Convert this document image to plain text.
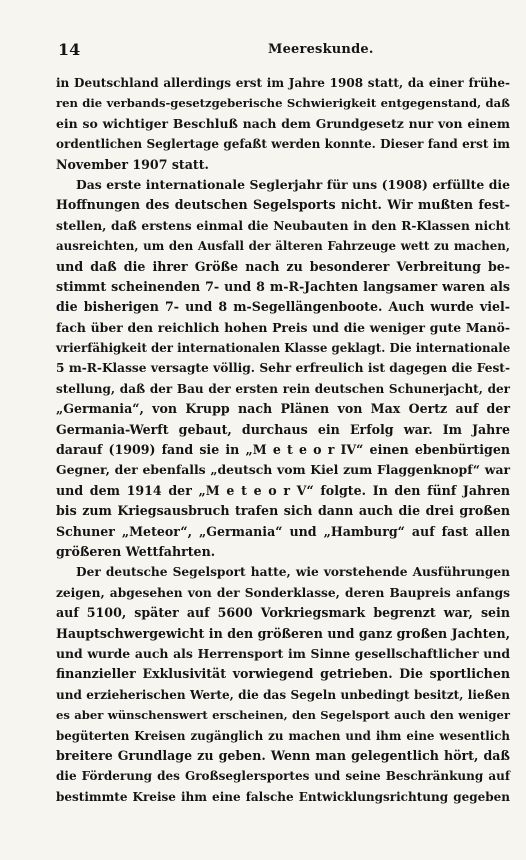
14	Meereskunde.
in Deutschland allerdings erst im Jahre 1908 statt, da einer frühe-
ren die verbands-gesetzgeberische Schwierigkeit entgegenstand, daß
ein so wichtiger Beschluß nach dem Grundgesetz nur von einem
ordentlichen Seglertage gefaßt werden konnte. Dieser fand erst im
November 1907 statt.
Das erste internationale Seglerjahr für uns (1908) erfüllte die
Hoffnungen des deutschen Segelsports nicht. Wir mußten fest-
stellen, daß erstens einmal die Neubauten in den R-Klassen nicht
ausreichten, um den Ausfall der älteren Fahrzeuge wett zu machen,
und daß die ihrer Größe nach zu besonderer Verbreitung be-
stimmt scheinenden 7- und 8 m-R-Jachten langsamer waren als
die bisherigen 7- und 8 m-Segellängenboote. Auch wurde viel-
fach über den reichlich hohen Preis und die weniger gute Manö-
vrierfähigkeit der internationalen Klasse geklagt. Die internationale
5 m-R-Klasse versagte völlig. Sehr erfreulich ist dagegen die Fest-
stellung, daß der Bau der ersten rein deutschen Schunerjacht, der
„Germania“, von Krupp nach Plänen von Max Oertz auf der
Germania-Werft gebaut, durchaus ein Erfolg war. Im Jahre
darauf (1909) fand sie in „M e t e o r IV“ einen ebenbürtigen
Gegner, der ebenfalls „deutsch vom Kiel zum Flaggenknopf“ war
und dem 1914 der „M e t e o r V“ folgte. In den fünf Jahren
bis zum Kriegsausbruch trafen sich dann auch die drei großen
Schuner „Meteor“, „Germania“ und „Hamburg“ auf fast allen
größeren Wettfahrten.
Der deutsche Segelsport hatte, wie vorstehende Ausführungen
zeigen, abgesehen von der Sonderklasse, deren Baupreis anfangs
auf 5100, später auf 5600 Vorkriegsmark begrenzt war, sein
Hauptschwergewicht in den größeren und ganz großen Jachten,
und wurde auch als Herrensport im Sinne gesellschaftlicher und
finanzieller Exklusivität vorwiegend getrieben. Die sportlichen
und erzieherischen Werte, die das Segeln unbedingt besitzt, ließen
es aber wünschenswert erscheinen, den Segelsport auch den weniger
begüterten Kreisen zugänglich zu machen und ihm eine wesentlich
breitere Grundlage zu geben. Wenn man gelegentlich hört, daß
die Förderung des Großseglersportes und seine Beschränkung auf
bestimmte Kreise ihm eine falsche Entwicklungsrichtung gegeben
